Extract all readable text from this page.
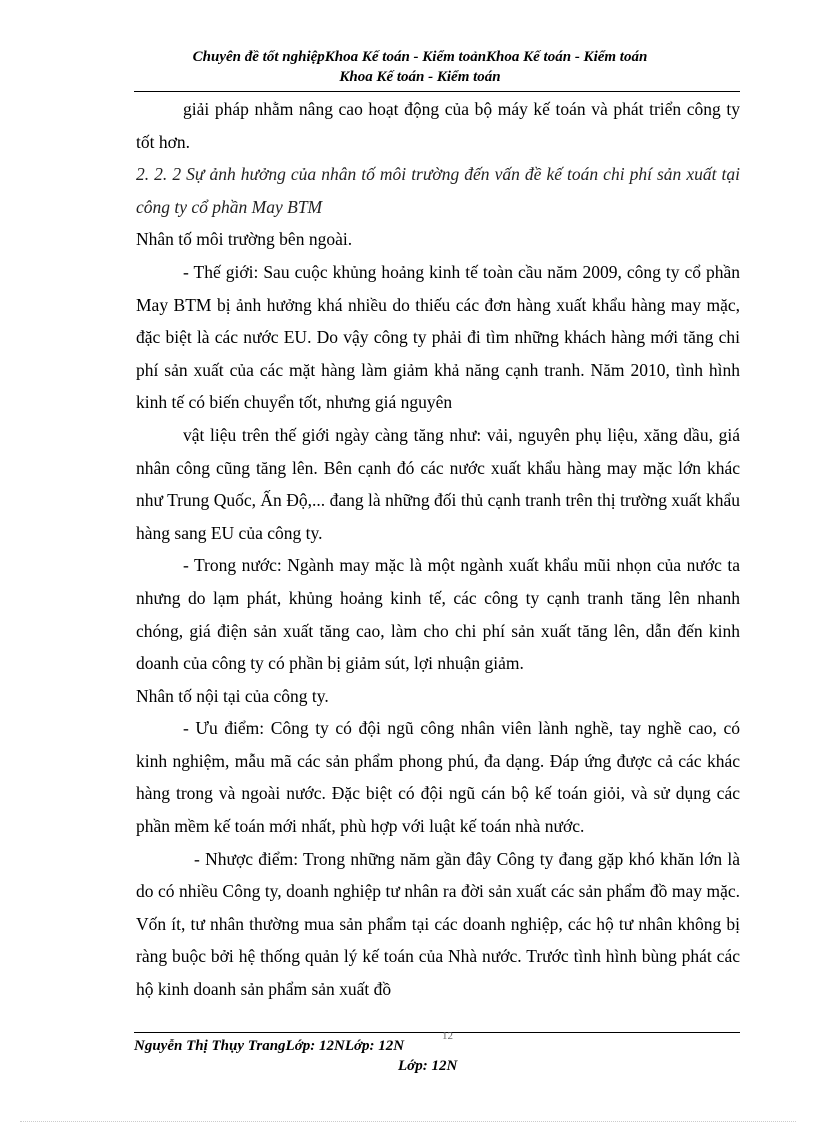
Chuyên đề tốt nghiệpKhoa Kế toán - Kiểm toảnKhoa Kế toán - Kiểm toán
Khoa Kế toán - Kiểm toán

giải pháp nhằm nâng cao hoạt động của bộ máy kế toán và phát triển công ty tốt hơn.

2. 2. 2 Sự ảnh hưởng của nhân tố môi trường đến vấn đề kế toán chi phí sản xuất tại công ty cổ phần May BTM

Nhân tố môi trường bên ngoài.

- Thế giới: Sau cuộc khủng hoảng kinh tế toàn cầu năm 2009, công ty cổ phần May BTM bị ảnh hưởng khá nhiều do thiếu các đơn hàng xuất khẩu hàng may mặc, đặc biệt là các nước EU. Do vậy công ty phải đi tìm những khách hàng mới tăng chi phí sản xuất của các mặt hàng làm giảm khả năng cạnh tranh. Năm 2010, tình hình kinh tế có biến chuyển tốt, nhưng giá nguyên

vật liệu trên thế giới ngày càng tăng như: vải, nguyên phụ liệu, xăng dầu, giá nhân công cũng tăng lên. Bên cạnh đó các nước xuất khẩu hàng may mặc lớn khác như Trung Quốc, Ấn Độ,... đang là những đối thủ cạnh tranh trên thị trường xuất khẩu hàng sang EU của công ty.

- Trong nước: Ngành may mặc là một ngành xuất khẩu mũi nhọn của nước ta nhưng do lạm phát, khủng hoảng kinh tế, các công ty cạnh tranh tăng lên nhanh chóng, giá điện sản xuất tăng cao, làm cho chi phí sản xuất tăng lên, dẫn đến kinh doanh của công ty có phần bị giảm sút, lợi nhuận giảm.

Nhân tố nội tại của công ty.

- Ưu điểm: Công ty có đội ngũ công nhân viên lành nghề, tay nghề cao, có kinh nghiệm, mẫu mã các sản phẩm phong phú, đa dạng. Đáp ứng được cả các khác hàng trong và ngoài nước. Đặc biệt có đội ngũ cán bộ kế toán giỏi, và sử dụng các phần mềm kế toán mới nhất, phù hợp với luật kế toán nhà nước.

- Nhược điểm: Trong những năm gần đây Công ty đang gặp khó khăn lớn là do có nhiều Công ty, doanh nghiệp tư nhân ra đời sản xuất các sản phẩm đồ may mặc. Vốn ít, tư nhân thường mua sản phẩm tại các doanh nghiệp, các hộ tư nhân không bị ràng buộc bởi hệ thống quản lý kế toán của Nhà nước. Trước tình hình bùng phát các hộ kinh doanh sản phẩm sản xuất đồ

12
Nguyễn Thị Thụy TrangLớp: 12NLớp: 12N
Lớp: 12N
